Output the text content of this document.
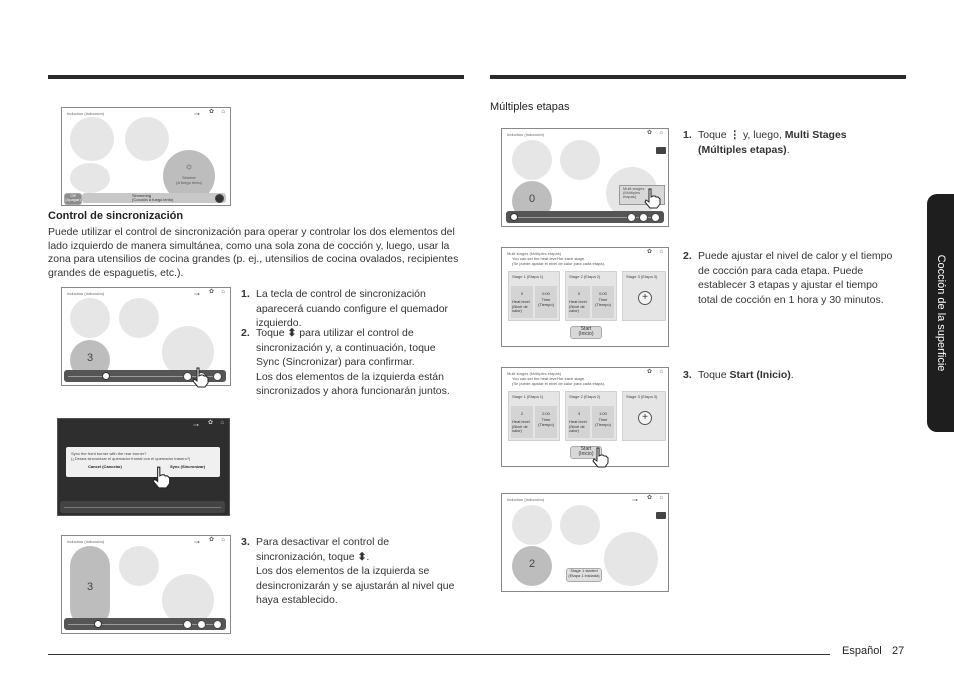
Cocción de la superficie
Induction (Inducción)	▭▸ ✿ ⌂
⌬
Simmer
(A fuego lento)
Off
(Apagar)
Simmering
(Cocción a fuego lento)
Control de sincronización
Puede utilizar el control de sincronización para operar y controlar los dos elementos del lado izquierdo de manera simultánea, como una sola zona de cocción y, luego, usar la zona para utensilios de cocina grandes (p. ej., utensilios de cocina ovalados, recipientes grandes de espaguetis, etc.).
Induction (Inducción)	▭▸ ✿ ⌂
3
1. La tecla de control de sincronización aparecerá cuando configure el quemador izquierdo.
2. Toque ⬍ para utilizar el control de sincronización y, a continuación, toque Sync (Sincronizar) para confirmar.
Los dos elementos de la izquierda están sincronizados y ahora funcionarán juntos.
▭▸ ✿ ⌂
Sync the front burner with the rear burner?
(¿Desea sincronizar el quemador frontal con el quemador trasero?)
Cancel (Cancelar)	Sync (Sincronizar)
Induction (Inducción)	▭▸ ✿ ⌂
3
3. Para desactivar el control de sincronización, toque ⬍.
Los dos elementos de la izquierda se desincronizarán y se ajustarán al nivel que haya establecido.
Múltiples etapas
Induction (Inducción)	✿ ⌂
0
Multi stages
(Múltiples
etapas)
1. Toque ⋮ y, luego, Multi Stages (Múltiples etapas).
Multi stages (Múltiples etapas)	✿ ⌂
You can set the heat level for each stage.
(Se puede ajustar el nivel de calor para cada etapa).
Stage 1 (Etapa 1)
0
Heat level
(Nivel de
calor)
0:00
Time
(Tiempo)
Stage 2 (Etapa 2)
0
Heat level
(Nivel de
calor)
0:00
Time
(Tiempo)
Stage 3 (Etapa 3)
+
Start
(Inicio)
2. Puede ajustar el nivel de calor y el tiempo de cocción para cada etapa. Puede establecer 3 etapas y ajustar el tiempo total de cocción en 1 hora y 30 minutos.
Multi stages (Múltiples etapas)	✿ ⌂
You can set the heat level for each stage.
(Se puede ajustar el nivel de calor para cada etapa).
Stage 1 (Etapa 1)
2
Heat level
(Nivel de
calor)
2:00
Time
(Tiempo)
Stage 2 (Etapa 2)
3
Heat level
(Nivel de
calor)
1:00
Time
(Tiempo)
Stage 3 (Etapa 3)
+
Start
(Inicio)
3. Toque Start (Inicio).
Induction (Inducción)	▭▸ ✿ ⌂
2
Stage 1 started
(Etapa 1 iniciada)
Español 27
